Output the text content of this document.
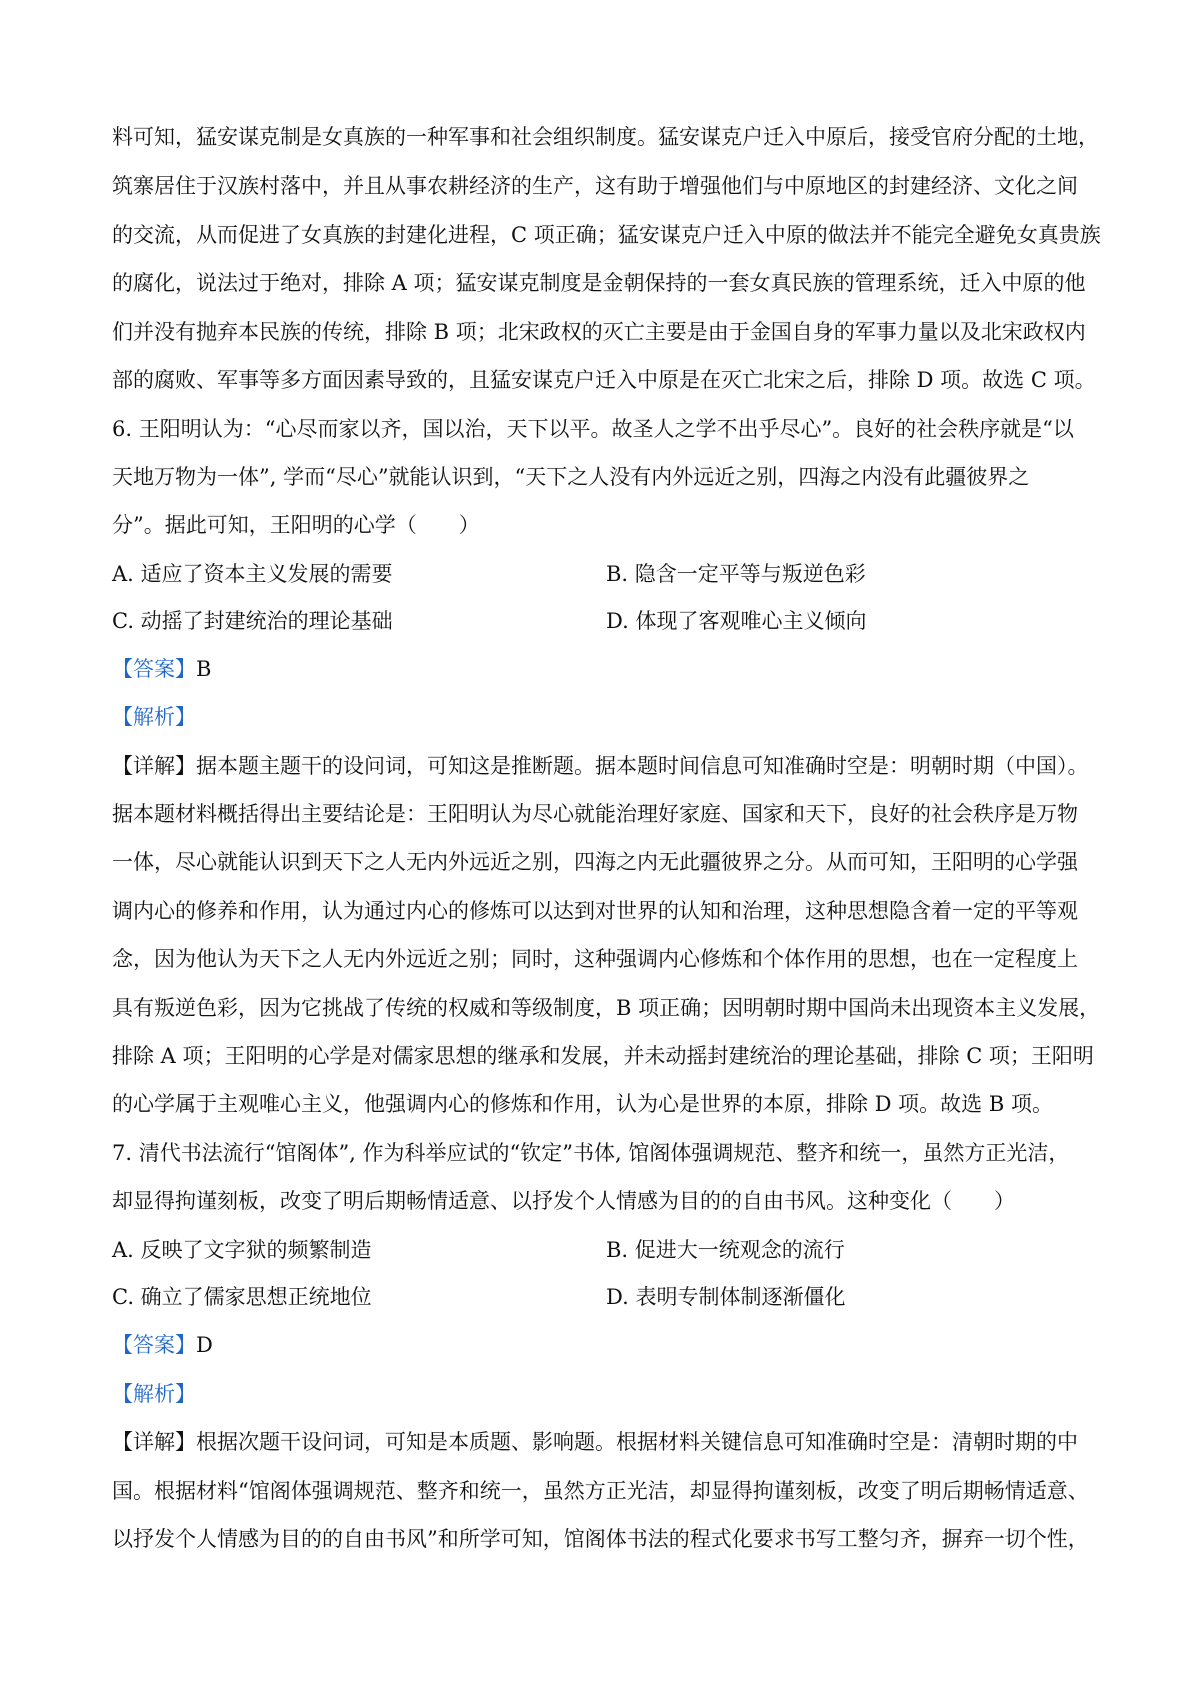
料可知，猛安谋克制是女真族的一种军事和社会组织制度。猛安谋克户迁入中原后，接受官府分配的土地，
筑寨居住于汉族村落中，并且从事农耕经济的生产，这有助于增强他们与中原地区的封建经济、文化之间
的交流，从而促进了女真族的封建化进程，C 项正确；猛安谋克户迁入中原的做法并不能完全避免女真贵族
的腐化，说法过于绝对，排除 A 项；猛安谋克制度是金朝保持的一套女真民族的管理系统，迁入中原的他
们并没有抛弃本民族的传统，排除 B 项；北宋政权的灭亡主要是由于金国自身的军事力量以及北宋政权内
部的腐败、军事等多方面因素导致的，且猛安谋克户迁入中原是在灭亡北宋之后，排除 D 项。故选 C 项。
6. 王阳明认为：“心尽而家以齐，国以治，天下以平。故圣人之学不出乎尽心”。良好的社会秩序就是“以
天地万物为一体”, 学而“尽心”就能认识到，“天下之人没有内外远近之别，四海之内没有此疆彼界之
分”。据此可知，王阳明的心学（　　）
A. 适应了资本主义发展的需要	B. 隐含一定平等与叛逆色彩
C. 动摇了封建统治的理论基础	D. 体现了客观唯心主义倾向
【答案】B
【解析】
【详解】据本题主题干的设问词，可知这是推断题。据本题时间信息可知准确时空是：明朝时期（中国）。
据本题材料概括得出主要结论是：王阳明认为尽心就能治理好家庭、国家和天下，良好的社会秩序是万物
一体，尽心就能认识到天下之人无内外远近之别，四海之内无此疆彼界之分。从而可知，王阳明的心学强
调内心的修养和作用，认为通过内心的修炼可以达到对世界的认知和治理，这种思想隐含着一定的平等观
念，因为他认为天下之人无内外远近之别；同时，这种强调内心修炼和个体作用的思想，也在一定程度上
具有叛逆色彩，因为它挑战了传统的权威和等级制度，B 项正确；因明朝时期中国尚未出现资本主义发展，
排除 A 项；王阳明的心学是对儒家思想的继承和发展，并未动摇封建统治的理论基础，排除 C 项；王阳明
的心学属于主观唯心主义，他强调内心的修炼和作用，认为心是世界的本原，排除 D 项。故选 B 项。
7. 清代书法流行“馆阁体”, 作为科举应试的“钦定”书体, 馆阁体强调规范、整齐和统一，虽然方正光洁，
却显得拘谨刻板，改变了明后期畅情适意、以抒发个人情感为目的的自由书风。这种变化（　　）
A. 反映了文字狱的频繁制造	B. 促进大一统观念的流行
C. 确立了儒家思想正统地位	D. 表明专制体制逐渐僵化
【答案】D
【解析】
【详解】根据次题干设问词，可知是本质题、影响题。根据材料关键信息可知准确时空是：清朝时期的中
国。根据材料“馆阁体强调规范、整齐和统一，虽然方正光洁，却显得拘谨刻板，改变了明后期畅情适意、
以抒发个人情感为目的的自由书风”和所学可知，馆阁体书法的程式化要求书写工整匀齐，摒弃一切个性，
